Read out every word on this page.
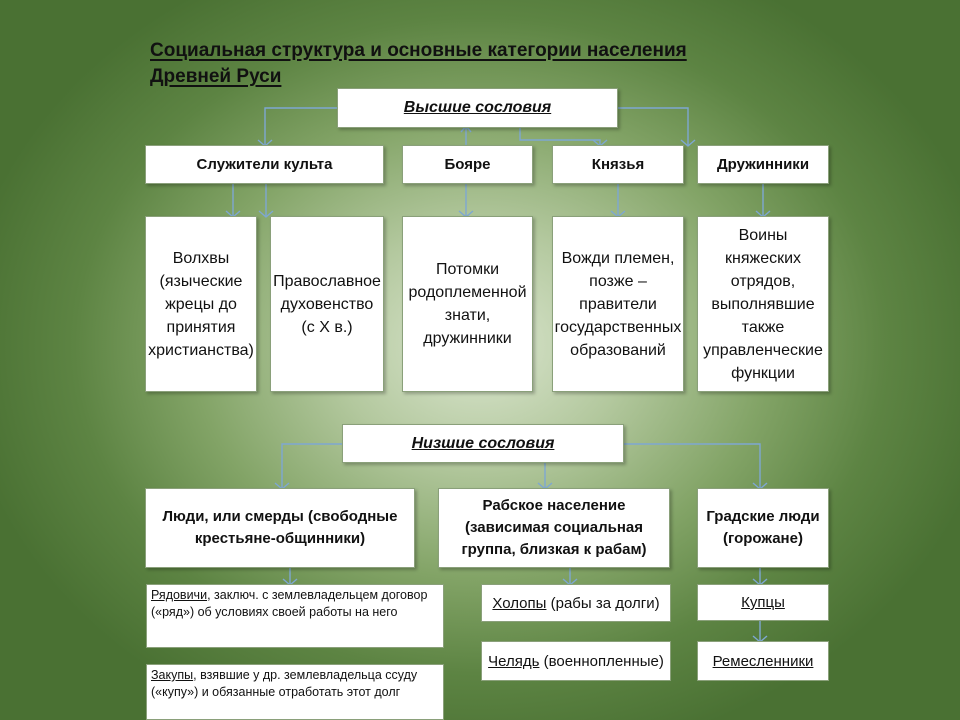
Социальная структура и основные категории населения
Древней Руси
Высшие сословия
Служители культа	Бояре	Князья	Дружинники
Волхвы (языческие жрецы до принятия христианства)
Православное духовенство (с X в.)
Потомки родоплеменной знати, дружинники
Вожди племен, позже – правители государственных образований
Воины княжеских отрядов, выполнявшие также управленческие функции
Низшие сословия
Люди, или смерды (свободные крестьяне-общинники)
Рабское население (зависимая социальная группа, близкая к рабам)
Градские люди (горожане)
Рядовичи, заключ. с землевладельцем договор («ряд») об условиях своей работы на него
Закупы, взявшие у др. землевладельца ссуду («купу») и обязанные отработать этот долг
Холопы (рабы за долги)
Челядь (военнопленные)
Купцы
Ремесленники
